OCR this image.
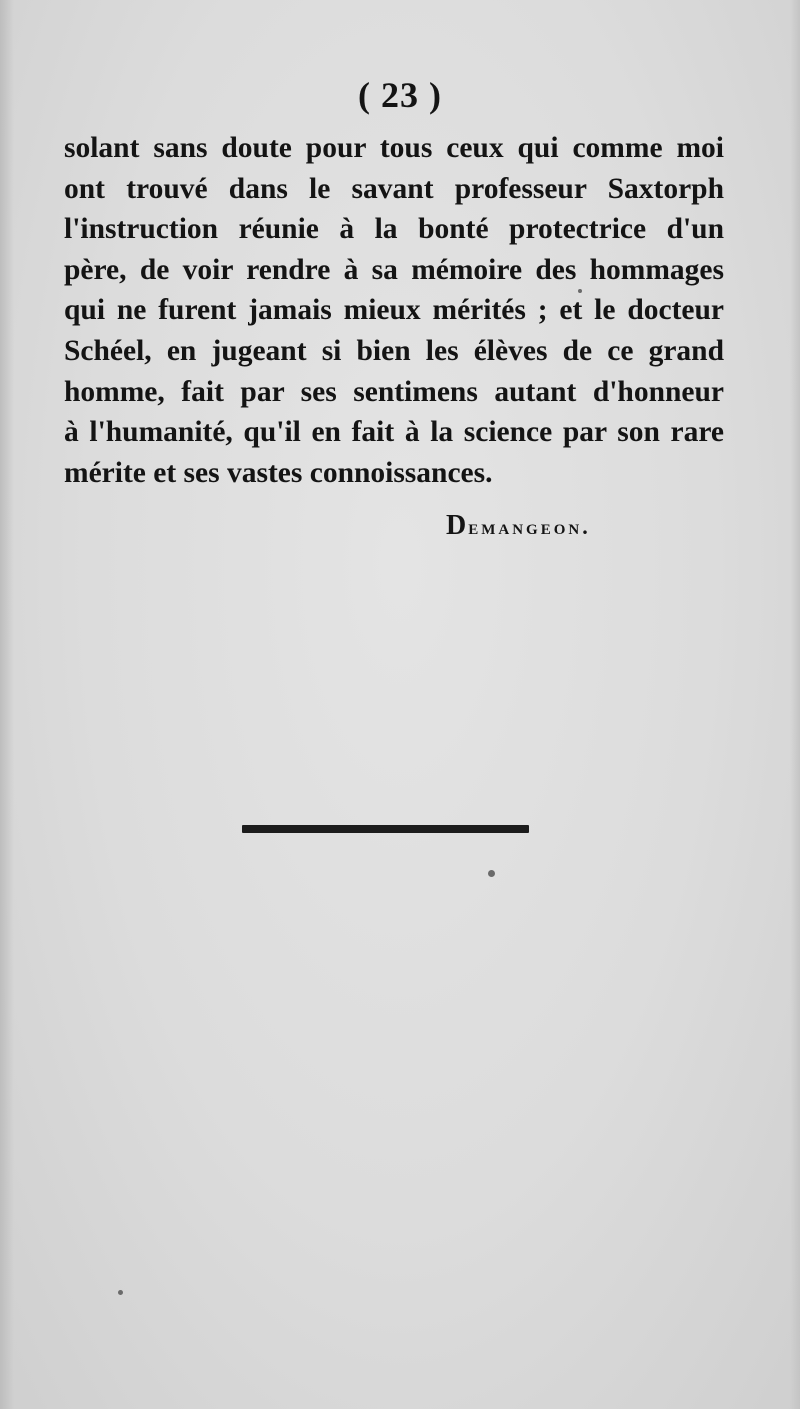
( 23 )
solant sans doute pour tous ceux qui comme moi
ont trouvé dans le savant professeur Saxtorph
l'instruction réunie à la bonté protectrice d'un
père, de voir rendre à sa mémoire des hommages
qui ne furent jamais mieux mérités ; et le docteur
Schéel, en jugeant si bien les élèves de ce grand
homme, fait par ses sentimens autant d'honneur
à l'humanité, qu'il en fait à la science par son rare
mérite et ses vastes connoissances.
Demangeon.
